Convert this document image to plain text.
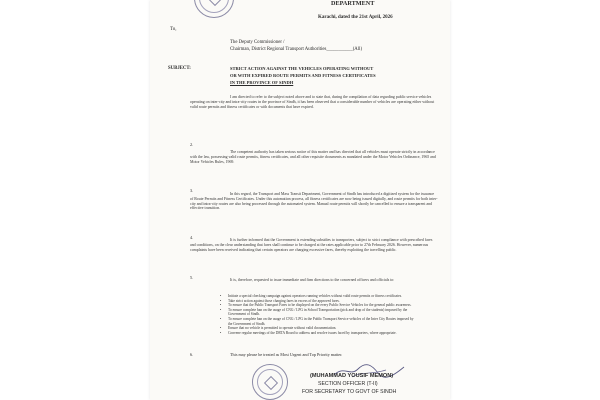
DEPARTMENT
Karachi, dated the 21st April, 2026
To,
The Deputy Commissioner /
Chairman, District Regional Transport Authorities___________(All)
SUBJECT:	STRICT ACTION AGAINST THE VEHICLES OPERATING WITHOUT
OR WITH EXPIRED ROUTE PERMITS AND FITNESS CERTIFICATES
IN THE PROVINCE OF SINDH
I am directed to refer to the subject noted above and to state that, during the compilation of data regarding public service vehicles operating on inter-city and intra-city routes in the province of Sindh, it has been observed that a considerable number of vehicles are operating either without valid route permits and fitness certificates or with documents that have expired.
2.
The competent authority has taken serious notice of this matter and has directed that all vehicles must operate strictly in accordance with the law, possessing valid route permits, fitness certificates, and all other requisite documents as mandated under the Motor Vehicles Ordinance, 1965 and Motor Vehicles Rules, 1969.
3.
In this regard, the Transport and Mass Transit Department, Government of Sindh has introduced a digitized system for the issuance of Route Permits and Fitness Certificates. Under this automation process, all fitness certificates are now being issued digitally, and route permits for both inter-city and intra-city routes are also being processed through the automated system. Manual route permits will shortly be cancelled to ensure a transparent and effective transition.
4.	It is further informed that the Government is extending subsidies to transporters, subject to strict compliance with prescribed fares and conditions, on the clear understanding that fares shall continue to be charged at the rates applicable prior to 27th February 2026. However, numerous complaints have been received indicating that certain operators are charging excessive fares, thereby exploiting the travelling public.
5.	It is, therefore, requested to issue immediate and firm directions to the concerned officers and officials to:
• Initiate a special checking campaign against operators running vehicles without valid route permits or fitness certificates.
• Take strict action against those charging fares in excess of the approved fares.
• To ensure that the Public Transport Fares to be displayed on the every Public Service Vehicles for the general public awareness.
• To ensure complete ban on the usage of CNG / LPG in School Transportation (pick and drop of the students) imposed by the Government of Sindh.
• To ensure complete ban on the usage of CNG / LPG in the Public Transport Service vehicles of the Inter City Routes imposed by the Government of Sindh.
• Ensure that no vehicle is permitted to operate without valid documentation.
• Convene regular meetings of the DRTA Board to address and resolve issues faced by transporters, where appropriate.
6.	This may please be treated as Most Urgent and Top Priority matter.
(MUHAMMAD YOUSIF MEMON)
SECTION OFFICER (T-II)
FOR SECRETARY TO GOVT OF SINDH
